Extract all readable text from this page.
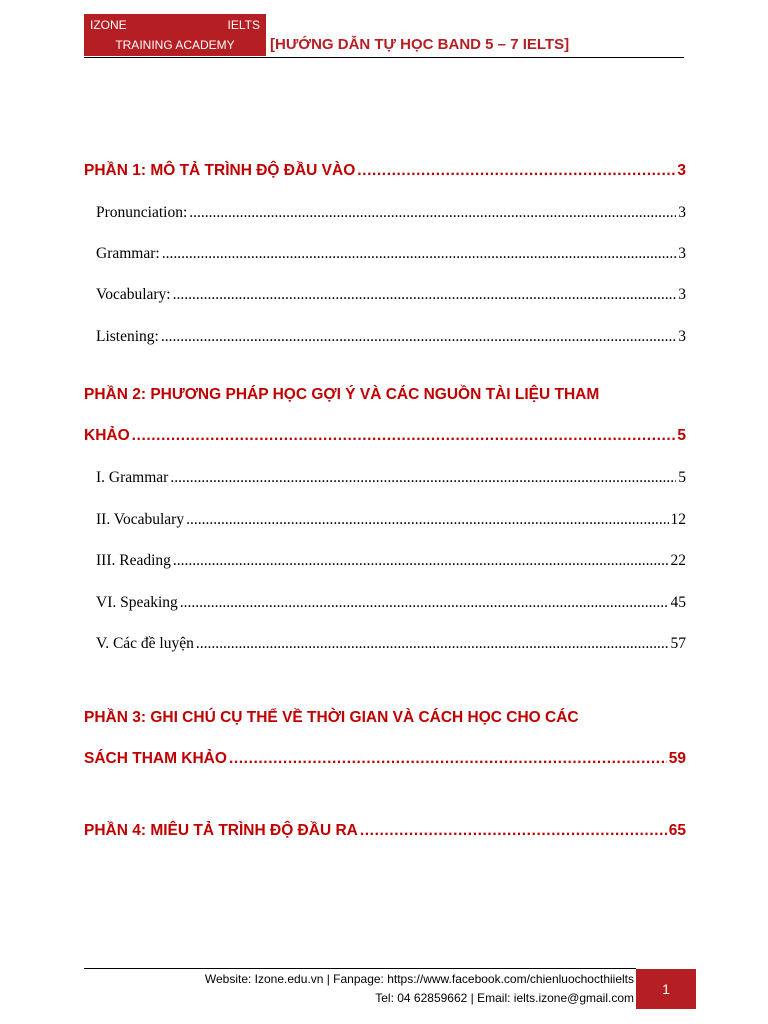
IZONE	IELTS
TRAINING ACADEMY	[HƯỚNG DẪN TỰ HỌC BAND 5 – 7 IELTS]
PHẦN 1: MÔ TẢ TRÌNH ĐỘ ĐẦU VÀO .....	3
Pronunciation: .....	3
Grammar: .....	3
Vocabulary: .....	3
Listening: .....	3
PHẦN 2: PHƯƠNG PHÁP HỌC GỢI Ý VÀ CÁC NGUỒN TÀI LIỆU THAM
KHẢO .....	5
I. Grammar .....	5
II. Vocabulary .....	12
III. Reading .....	22
VI. Speaking .....	45
V. Các đề luyện .....	57
PHẦN 3: GHI CHÚ CỤ THỂ VỀ THỜI GIAN VÀ CÁCH HỌC CHO CÁC
SÁCH THAM KHẢO .....	59
PHẦN 4: MIÊU TẢ TRÌNH ĐỘ ĐẦU RA .....	65
Website: Izone.edu.vn | Fanpage: https://www.facebook.com/chienluochocthiielts
Tel: 04 62859662 | Email: ielts.izone@gmail.com
1
